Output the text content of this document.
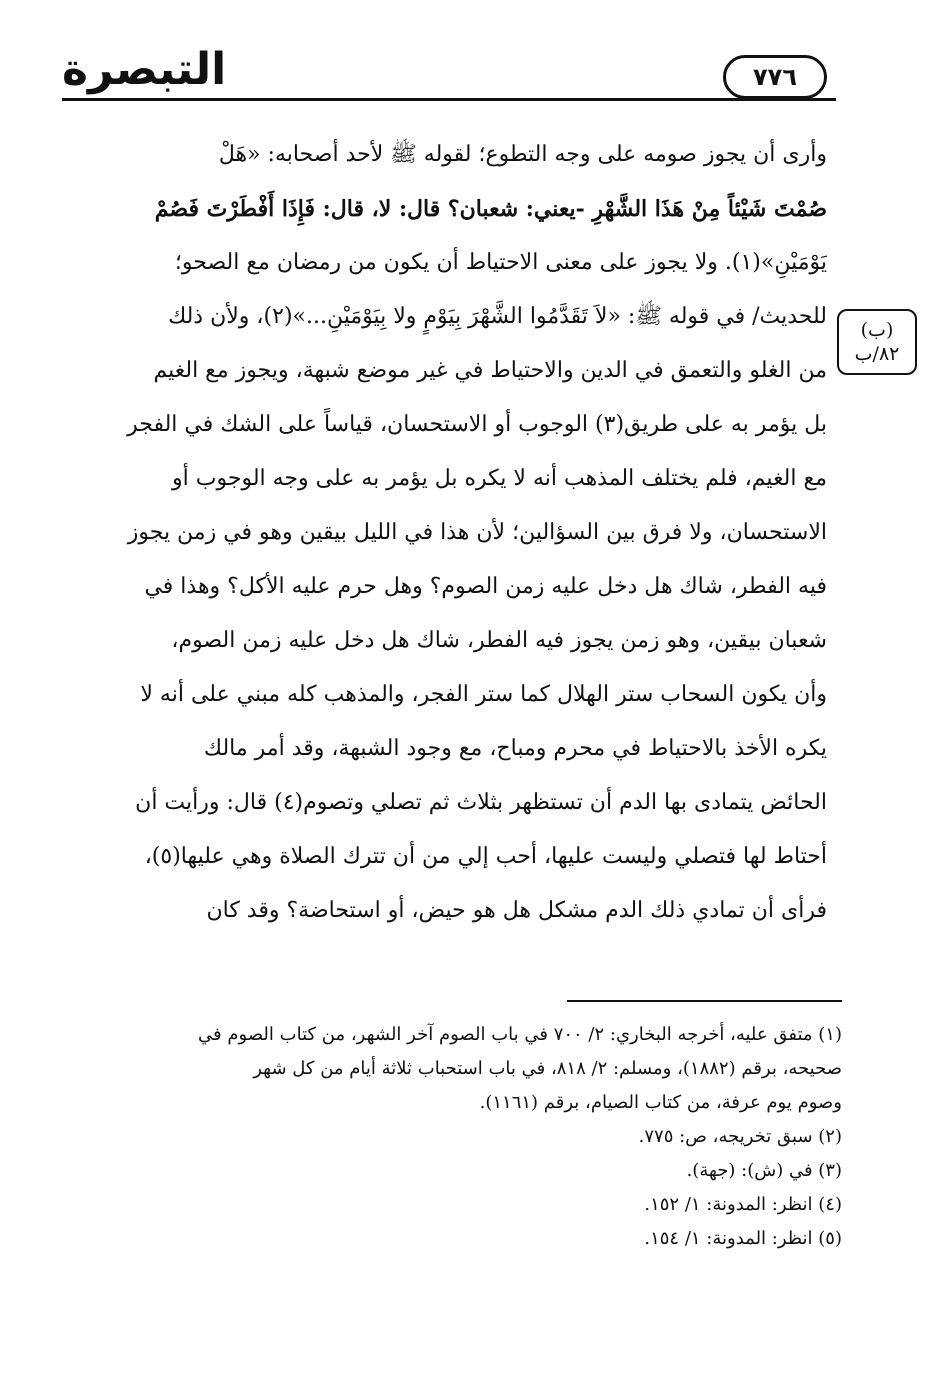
التبصرة	٧٧٦
(ب)
٨٢/ب
وأرى أن يجوز صومه على وجه التطوع؛ لقوله ﷺ لأحد أصحابه: «هَلْ
صُمْتَ شَيْئاً مِنْ هَذَا الشَّهْرِ -يعني: شعبان؟ قال: لا، قال: فَإِذَا أَفْطَرْتَ فَصُمْ
يَوْمَيْنِ»(١). ولا يجوز على معنى الاحتياط أن يكون من رمضان مع الصحو؛
للحديث/ في قوله ﷺ: «لاَ تَقَدَّمُوا الشَّهْرَ بِيَوْمٍ ولا بِيَوْمَيْنِ...»(٢)، ولأن ذلك
من الغلو والتعمق في الدين والاحتياط في غير موضع شبهة، ويجوز مع الغيم
بل يؤمر به على طريق(٣) الوجوب أو الاستحسان، قياساً على الشك في الفجر
مع الغيم، فلم يختلف المذهب أنه لا يكره بل يؤمر به على وجه الوجوب أو
الاستحسان، ولا فرق بين السؤالين؛ لأن هذا في الليل بيقين وهو في زمن يجوز
فيه الفطر، شاك هل دخل عليه زمن الصوم؟ وهل حرم عليه الأكل؟ وهذا في
شعبان بيقين، وهو زمن يجوز فيه الفطر، شاك هل دخل عليه زمن الصوم،
وأن يكون السحاب ستر الهلال كما ستر الفجر، والمذهب كله مبني على أنه لا
يكره الأخذ بالاحتياط في محرم ومباح، مع وجود الشبهة، وقد أمر مالك
الحائض يتمادى بها الدم أن تستظهر بثلاث ثم تصلي وتصوم(٤) قال: ورأيت أن
أحتاط لها فتصلي وليست عليها، أحب إلي من أن تترك الصلاة وهي عليها(٥)،
فرأى أن تمادي ذلك الدم مشكل هل هو حيض، أو استحاضة؟ وقد كان
(١) متفق عليه، أخرجه البخاري: ٢/ ٧٠٠ في باب الصوم آخر الشهر، من كتاب الصوم في
صحيحه، برقم (١٨٨٢)، ومسلم: ٢/ ٨١٨، في باب استحباب ثلاثة أيام من كل شهر
وصوم يوم عرفة، من كتاب الصيام، برقم (١١٦١).
(٢) سبق تخريجه، ص: ٧٧٥.
(٣) في (ش): (جهة).
(٤) انظر: المدونة: ١/ ١٥٢.
(٥) انظر: المدونة: ١/ ١٥٤.
